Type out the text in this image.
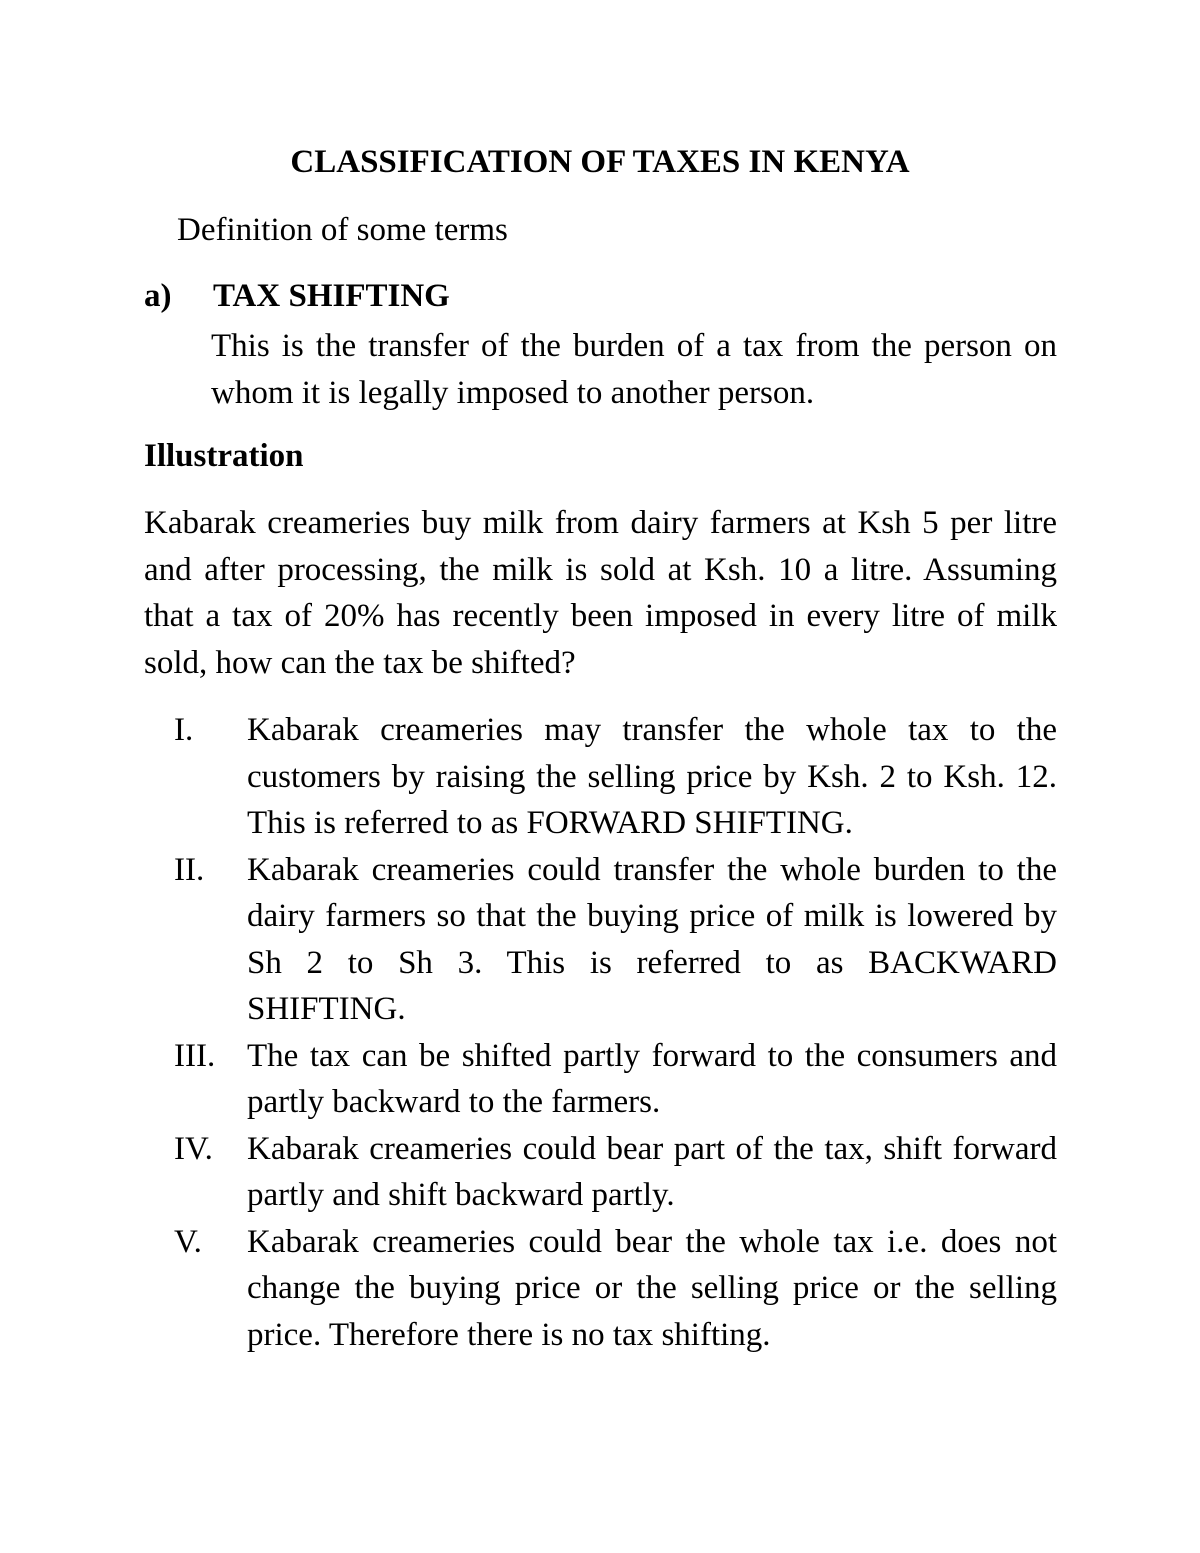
CLASSIFICATION OF TAXES IN KENYA
Definition of some terms
a) TAX SHIFTING
This is the transfer of the burden of a tax from the person on whom it is legally imposed to another person.
Illustration
Kabarak creameries buy milk from dairy farmers at Ksh 5 per litre and after processing, the milk is sold at Ksh. 10 a litre. Assuming that a tax of 20% has recently been imposed in every litre of milk sold, how can the tax be shifted?
I. Kabarak creameries may transfer the whole tax to the customers by raising the selling price by Ksh. 2 to Ksh. 12. This is referred to as FORWARD SHIFTING.
II. Kabarak creameries could transfer the whole burden to the dairy farmers so that the buying price of milk is lowered by Sh 2 to Sh 3. This is referred to as BACKWARD SHIFTING.
III. The tax can be shifted partly forward to the consumers and partly backward to the farmers.
IV. Kabarak creameries could bear part of the tax, shift forward partly and shift backward partly.
V. Kabarak creameries could bear the whole tax i.e. does not change the buying price or the selling price or the selling price. Therefore there is no tax shifting.
